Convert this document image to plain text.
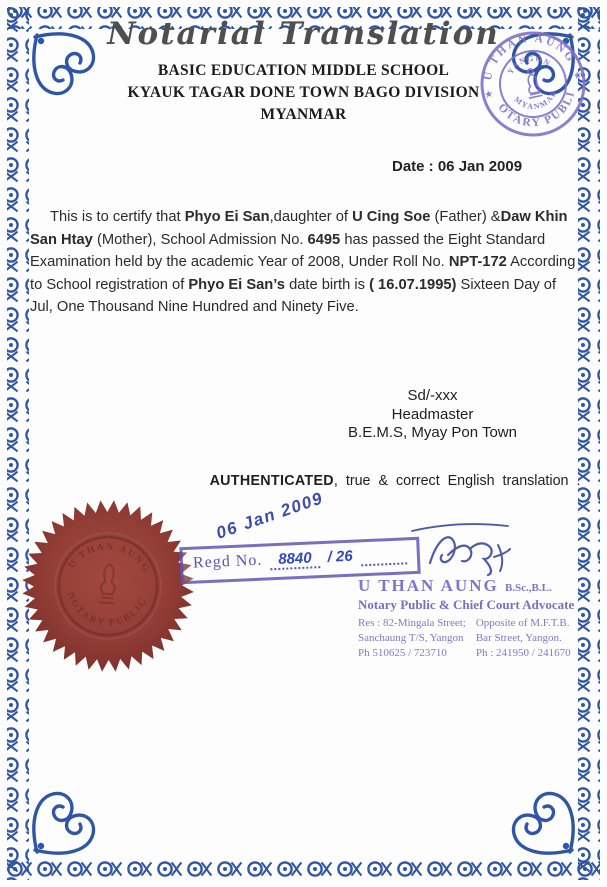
Notarial Translation
BASIC EDUCATION MIDDLE SCHOOL
KYAUK TAGAR DONE TOWN BAGO DIVISION
MYANMAR
U THAN AUNG
NOTARY PUBLIC
YANGON
MYANMAR
★
★
Date : 06 Jan 2009
This is to certify that Phyo Ei San,daughter of U Cing Soe (Father) &Daw Khin San Htay (Mother), School Admission No. 6495 has passed the Eight Standard Examination held by the academic Year of 2008, Under Roll No. NPT-172 According to School registration of Phyo Ei San’s date birth is ( 16.07.1995) Sixteen Day of Jul, One Thousand Nine Hundred and Ninety Five.
Sd/-xxx
Headmaster
B.E.M.S, Myay Pon Town
AUTHENTICATED, true & correct English translation .
U THAN AUNG
NOTARY PUBLIC
06 Jan 2009
Regd No.	8840	/ 26
U THAN AUNG B.Sc.,B.L.
Notary Public & Chief Court Advocate
Res : 82-Mingala Street;
Sanchaung T/S, Yangon
Ph 510625 / 723710
Opposite of M.F.T.B.
Bar Street, Yangon.
Ph : 241950 / 241670
